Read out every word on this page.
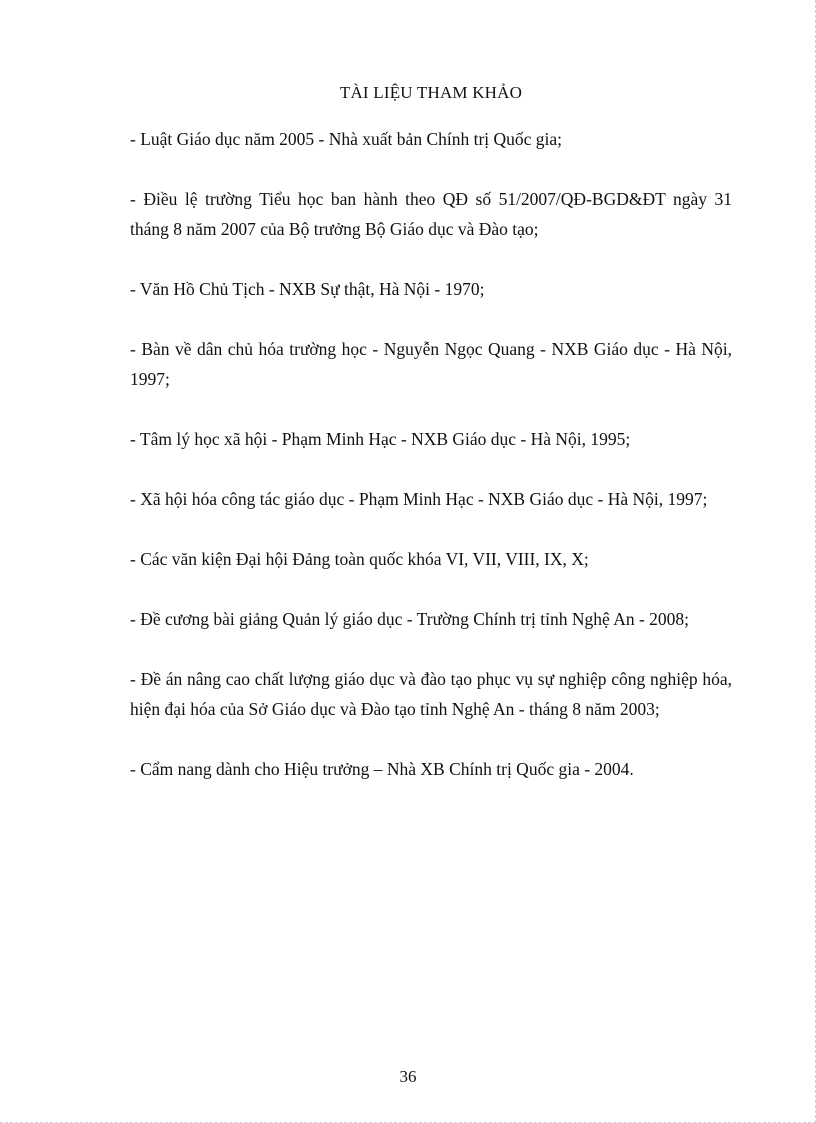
TÀI LIỆU THAM KHẢO
- Luật Giáo dục năm 2005 - Nhà xuất bản Chính trị Quốc gia;
- Điều lệ trường Tiểu học ban hành theo QĐ số 51/2007/QĐ-BGD&ĐT ngày 31 tháng 8 năm 2007 của Bộ trưởng Bộ Giáo dục và Đào tạo;
- Văn Hồ Chủ Tịch - NXB Sự thật, Hà Nội - 1970;
- Bàn về dân chủ hóa trường học - Nguyễn Ngọc Quang - NXB Giáo dục - Hà Nội, 1997;
- Tâm lý học xã hội - Phạm Minh Hạc - NXB Giáo dục - Hà Nội, 1995;
- Xã hội hóa công tác giáo dục - Phạm Minh Hạc - NXB Giáo dục - Hà Nội, 1997;
- Các văn kiện Đại hội Đảng toàn quốc khóa VI, VII, VIII, IX, X;
- Đề cương bài giảng Quản lý giáo dục - Trường Chính trị tỉnh Nghệ An - 2008;
- Đề án nâng cao chất lượng giáo dục và đào tạo phục vụ sự nghiệp công nghiệp hóa, hiện đại hóa của Sở Giáo dục và Đào tạo tỉnh Nghệ An - tháng 8 năm 2003;
- Cẩm nang dành cho Hiệu trưởng – Nhà XB Chính trị Quốc gia - 2004.
36
